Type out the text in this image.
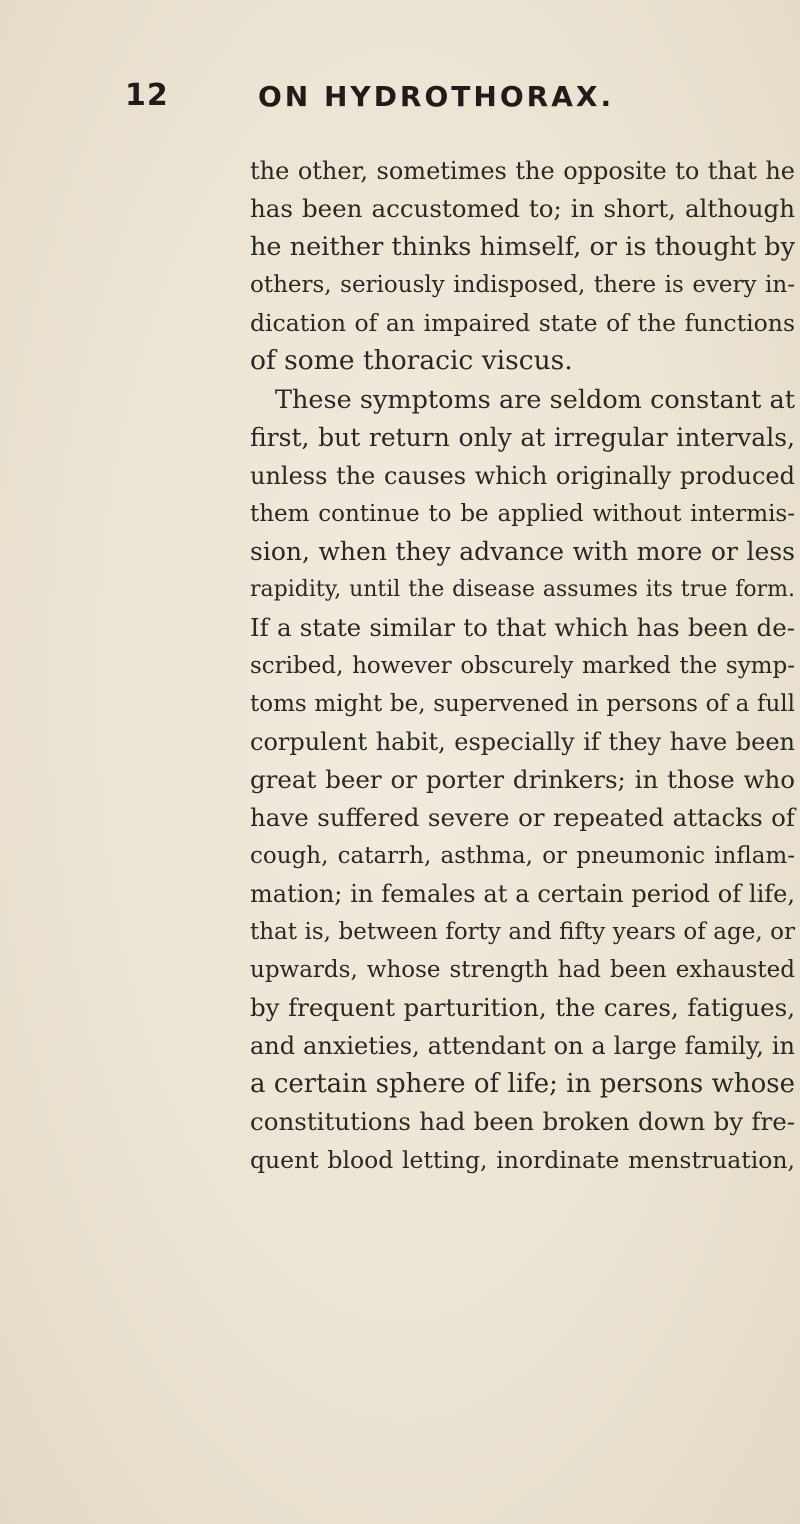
12	ON HYDROTHORAX.
the other, sometimes the opposite to that he
has been accustomed to; in short, although
he neither thinks himself, or is thought by
others, seriously indisposed, there is every in-
dication of an impaired state of the functions
of some thoracic viscus.
These symptoms are seldom constant at
first, but return only at irregular intervals,
unless the causes which originally produced
them continue to be applied without intermis-
sion, when they advance with more or less
rapidity, until the disease assumes its true form.
If a state similar to that which has been de-
scribed, however obscurely marked the symp-
toms might be, supervened in persons of a full
corpulent habit, especially if they have been
great beer or porter drinkers; in those who
have suffered severe or repeated attacks of
cough, catarrh, asthma, or pneumonic inflam-
mation; in females at a certain period of life,
that is, between forty and fifty years of age, or
upwards, whose strength had been exhausted
by frequent parturition, the cares, fatigues,
and anxieties, attendant on a large family, in
a certain sphere of life; in persons whose
constitutions had been broken down by fre-
quent blood letting, inordinate menstruation,
